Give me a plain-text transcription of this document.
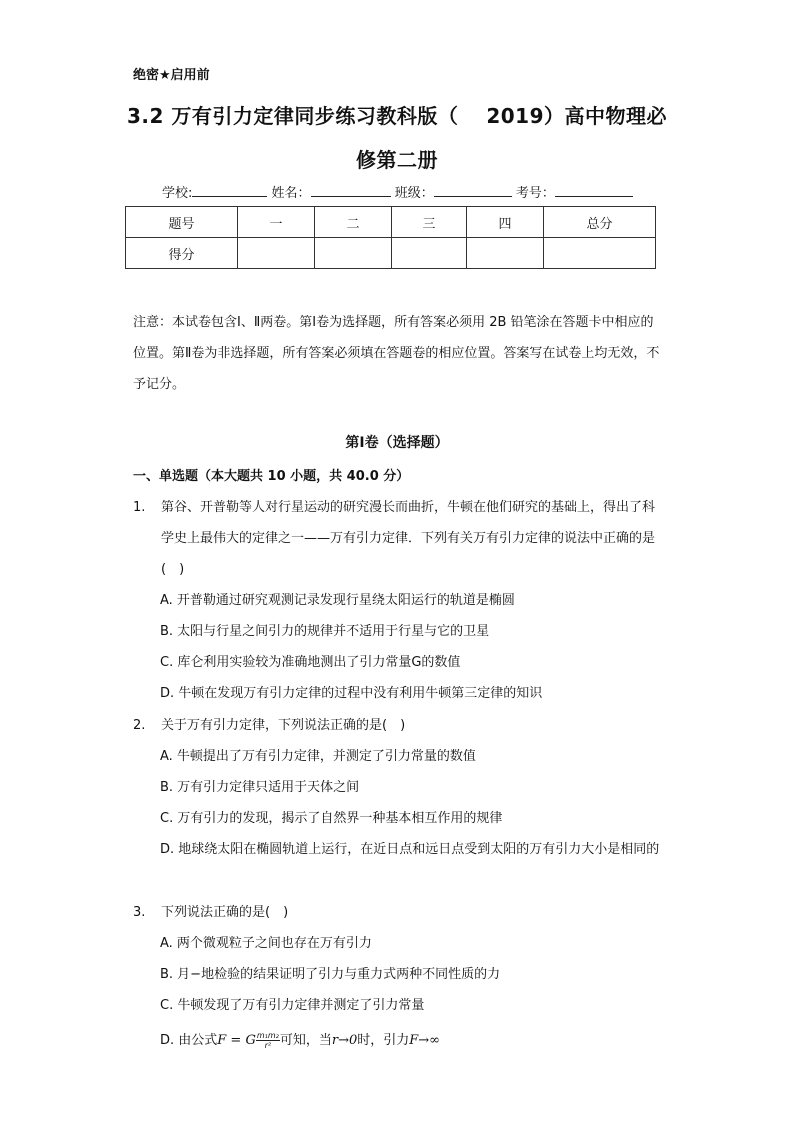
绝密★启用前
3.2 万有引力定律同步练习教科版（　 2019）高中物理必
修第二册
学校:	姓名：	班级：	考号：
题号	一	二	三	四	总分
得分					
注意：本试卷包含Ⅰ、Ⅱ两卷。第Ⅰ卷为选择题，所有答案必须用 2B 铅笔涂在答题卡中相应的位置。第Ⅱ卷为非选择题，所有答案必须填在答题卷的相应位置。答案写在试卷上均无效，不予记分。
第Ⅰ卷（选择题）
一、单选题（本大题共 10 小题，共 40.0 分）
1. 第谷、开普勒等人对行星运动的研究漫长而曲折，牛顿在他们研究的基础上，得出了科学史上最伟大的定律之一——万有引力定律．下列有关万有引力定律的说法中正确的是(　)
A. 开普勒通过研究观测记录发现行星绕太阳运行的轨道是椭圆
B. 太阳与行星之间引力的规律并不适用于行星与它的卫星
C. 库仑利用实验较为准确地测出了引力常量G的数值
D. 牛顿在发现万有引力定律的过程中没有利用牛顿第三定律的知识
2. 关于万有引力定律，下列说法正确的是(　)
A. 牛顿提出了万有引力定律，并测定了引力常量的数值
B. 万有引力定律只适用于天体之间
C. 万有引力的发现，揭示了自然界一种基本相互作用的规律
D. 地球绕太阳在椭圆轨道上运行，在近日点和远日点受到太阳的万有引力大小是相同的
3. 下列说法正确的是(　)
A. 两个微观粒子之间也存在万有引力
B. 月−地检验的结果证明了引力与重力式两种不同性质的力
C. 牛顿发现了万有引力定律并测定了引力常量
D. 由公式F = G $\frac{\text{m₁m₂}}{\text{r²}}$ 可知，当r→0时，引力F→∞
